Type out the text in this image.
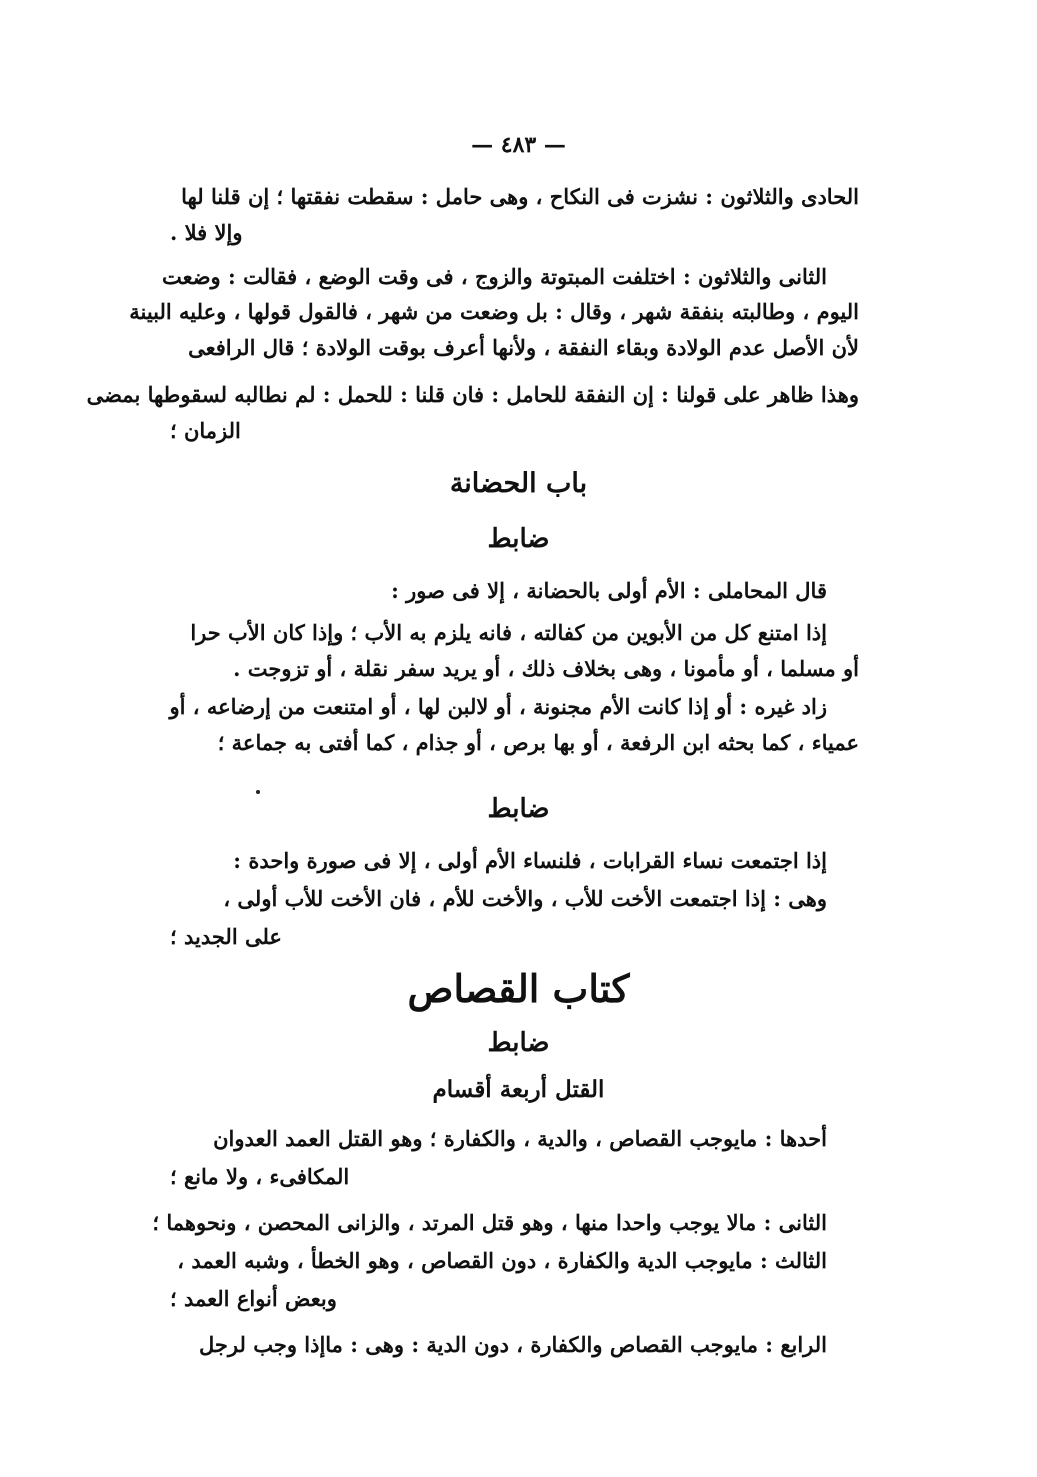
— ٤٨٣ —
الحادى والثلاثون : نشزت فى النكاح ، وهى حامل : سقطت نفقتها ؛ إن قلنا لها
وإلا فلا .
الثانى والثلاثون : اختلفت المبتوتة والزوج ، فى وقت الوضع ، فقالت : وضعت
اليوم ، وطالبته بنفقة شهر ، وقال : بل وضعت من شهر ، فالقول قولها ، وعليه البينة
لأن الأصل عدم الولادة وبقاء النفقة ، ولأنها أعرف بوقت الولادة ؛ قال الرافعى
وهذا ظاهر على قولنا : إن النفقة للحامل : فان قلنا : للحمل : لم نطالبه لسقوطها بمضى
الزمان ؛
باب الحضانة
ضابط
قال المحاملى : الأم أولى بالحضانة ، إلا فى صور :
إذا امتنع كل من الأبوين من كفالته ، فانه يلزم به الأب ؛ وإذا كان الأب حرا
أو مسلما ، أو مأمونا ، وهى بخلاف ذلك ، أو يريد سفر نقلة ، أو تزوجت .
زاد غيره : أو إذا كانت الأم مجنونة ، أو لالبن لها ، أو امتنعت من إرضاعه ، أو
عمياء ، كما بحثه ابن الرفعة ، أو بها برص ، أو جذام ، كما أفتى به جماعة ؛
ضابط
إذا اجتمعت نساء القرابات ، فلنساء الأم أولى ، إلا فى صورة واحدة :
وهى : إذا اجتمعت الأخت للأب ، والأخت للأم ، فان الأخت للأب أولى ،
على الجديد ؛
كتاب القصاص
ضابط
القتل أربعة أقسام
أحدها : مايوجب القصاص ، والدية ، والكفارة ؛ وهو القتل العمد العدوان
المكافىء ، ولا مانع ؛
الثانى : مالا يوجب واحدا منها ، وهو قتل المرتد ، والزانى المحصن ، ونحوهما ؛
الثالث : مايوجب الدية والكفارة ، دون القصاص ، وهو الخطأ ، وشبه العمد ،
وبعض أنواع العمد ؛
الرابع : مايوجب القصاص والكفارة ، دون الدية : وهى : ماإذا وجب لرجل
